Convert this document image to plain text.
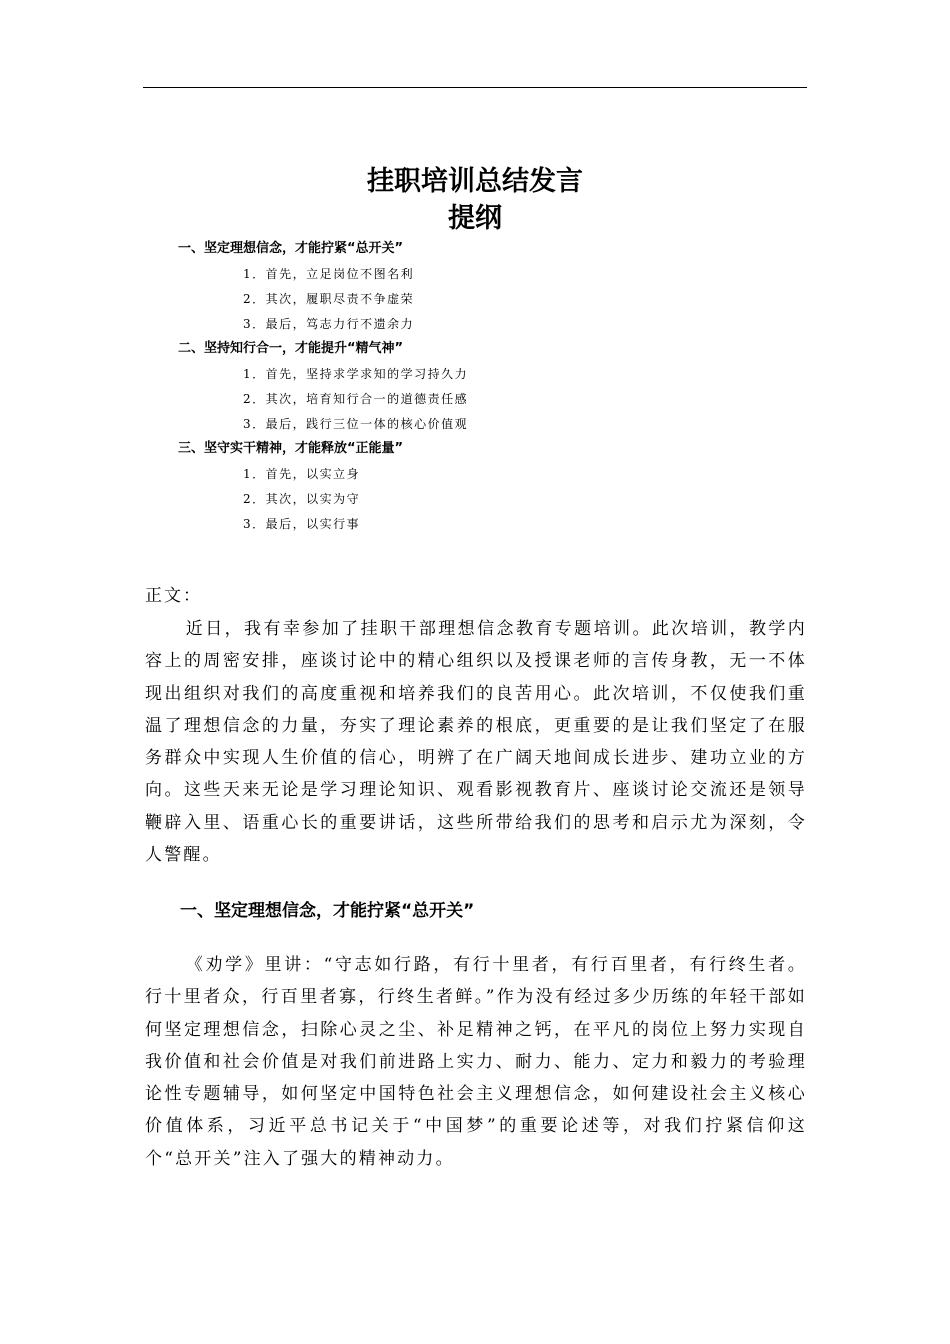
挂职培训总结发言
提纲
一、坚定理想信念，才能拧紧“总开关”
1．首先，立足岗位不图名利
2．其次，履职尽责不争虚荣
3．最后，笃志力行不遗余力
二、坚持知行合一，才能提升“精气神”
1．首先，坚持求学求知的学习持久力
2．其次，培育知行合一的道德责任感
3．最后，践行三位一体的核心价值观
三、坚守实干精神，才能释放“正能量”
1．首先，以实立身
2．其次，以实为守
3．最后，以实行事
正文：

近日，我有幸参加了挂职干部理想信念教育专题培训。此次培训，教学内容上的周密安排，座谈讨论中的精心组织以及授课老师的言传身教，无一不体现出组织对我们的高度重视和培养我们的良苦用心。此次培训，不仅使我们重温了理想信念的力量，夯实了理论素养的根底，更重要的是让我们坚定了在服务群众中实现人生价值的信心，明辨了在广阔天地间成长进步、建功立业的方向。这些天来无论是学习理论知识、观看影视教育片、座谈讨论交流还是领导鞭辟入里、语重心长的重要讲话，这些所带给我们的思考和启示尤为深刻，令人警醒。

一、坚定理想信念，才能拧紧“总开关”

《劝学》里讲：“守志如行路，有行十里者，有行百里者，有行终生者。行十里者众，行百里者寡，行终生者鲜。”作为没有经过多少历练的年轻干部如何坚定理想信念，扫除心灵之尘、补足精神之钙，在平凡的岗位上努力实现自我价值和社会价值是对我们前进路上实力、耐力、能力、定力和毅力的考验理论性专题辅导，如何坚定中国特色社会主义理想信念，如何建设社会主义核心价值体系，习近平总书记关于“中国梦”的重要论述等，对我们拧紧信仰这个“总开关”注入了强大的精神动力。
